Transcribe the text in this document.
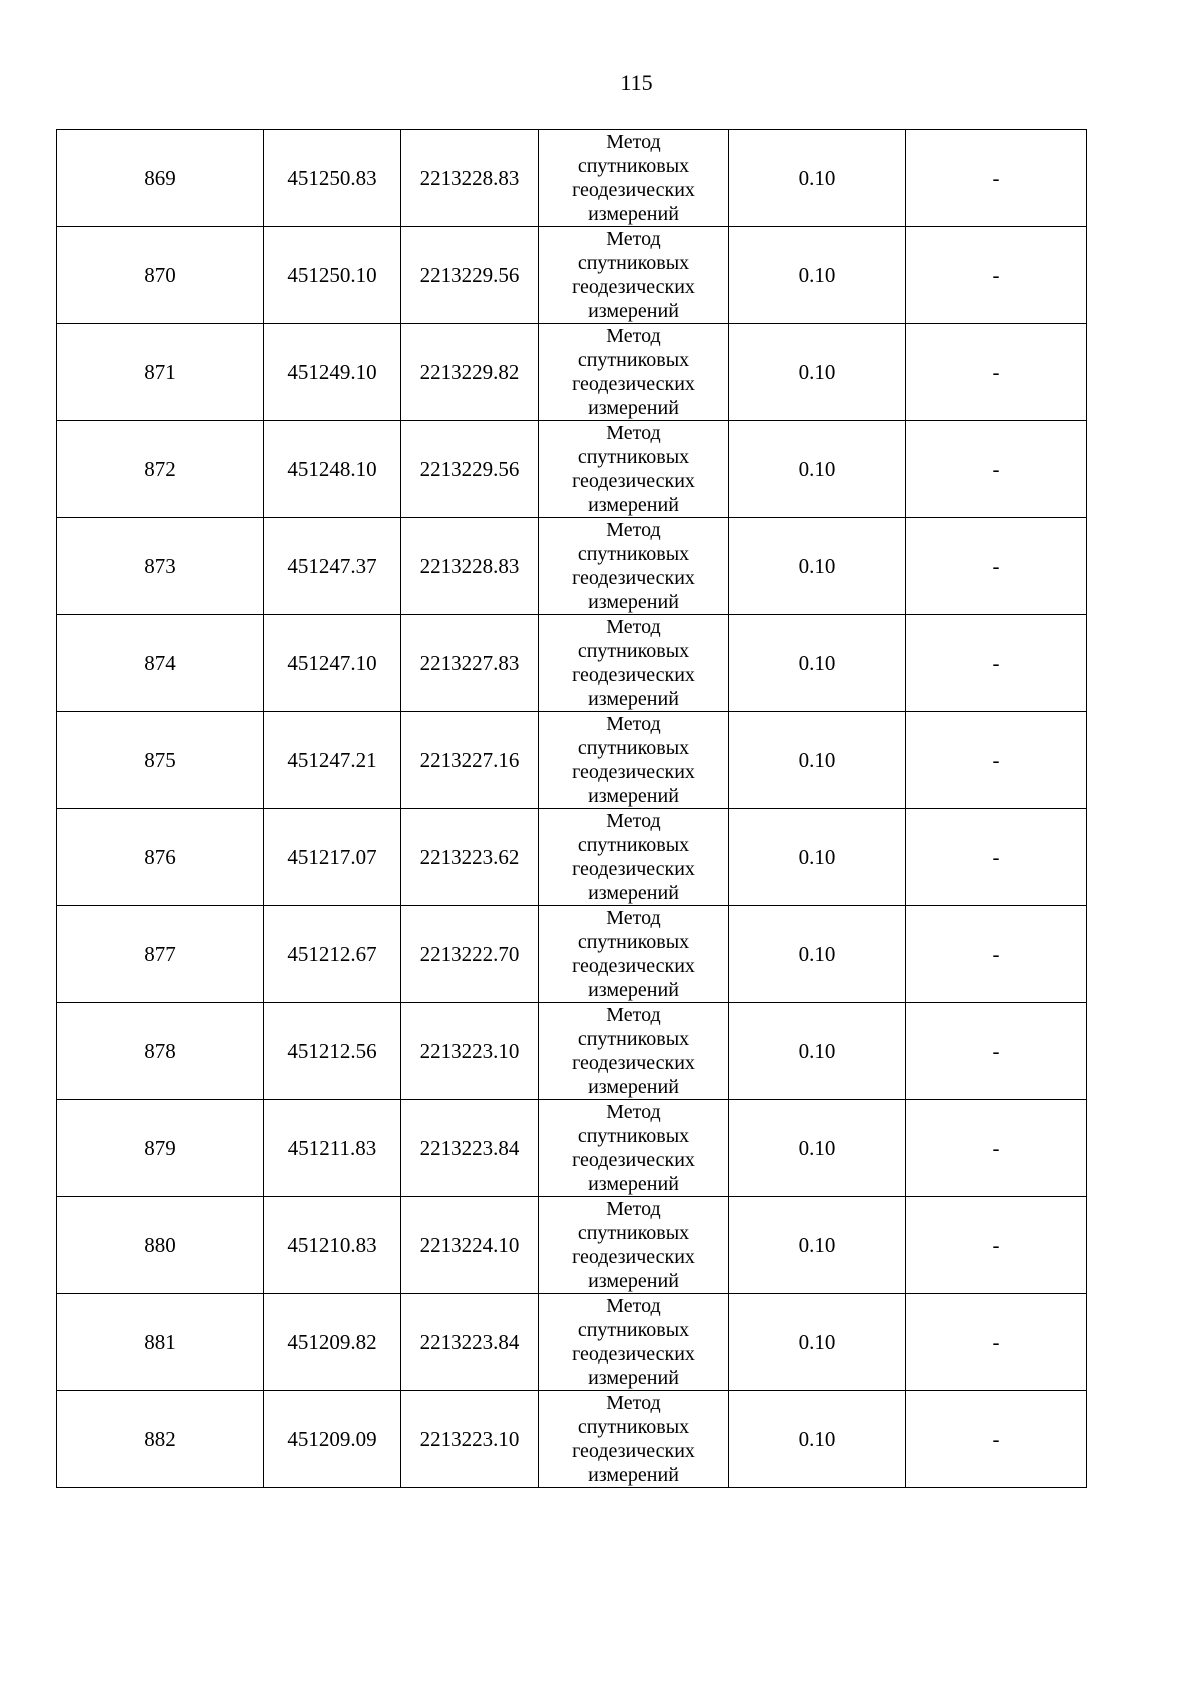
115
869	451250.83	2213228.83	Метод
спутниковых
геодезических
измерений	0.10	-
870	451250.10	2213229.56	Метод
спутниковых
геодезических
измерений	0.10	-
871	451249.10	2213229.82	Метод
спутниковых
геодезических
измерений	0.10	-
872	451248.10	2213229.56	Метод
спутниковых
геодезических
измерений	0.10	-
873	451247.37	2213228.83	Метод
спутниковых
геодезических
измерений	0.10	-
874	451247.10	2213227.83	Метод
спутниковых
геодезических
измерений	0.10	-
875	451247.21	2213227.16	Метод
спутниковых
геодезических
измерений	0.10	-
876	451217.07	2213223.62	Метод
спутниковых
геодезических
измерений	0.10	-
877	451212.67	2213222.70	Метод
спутниковых
геодезических
измерений	0.10	-
878	451212.56	2213223.10	Метод
спутниковых
геодезических
измерений	0.10	-
879	451211.83	2213223.84	Метод
спутниковых
геодезических
измерений	0.10	-
880	451210.83	2213224.10	Метод
спутниковых
геодезических
измерений	0.10	-
881	451209.82	2213223.84	Метод
спутниковых
геодезических
измерений	0.10	-
882	451209.09	2213223.10	Метод
спутниковых
геодезических
измерений	0.10	-
